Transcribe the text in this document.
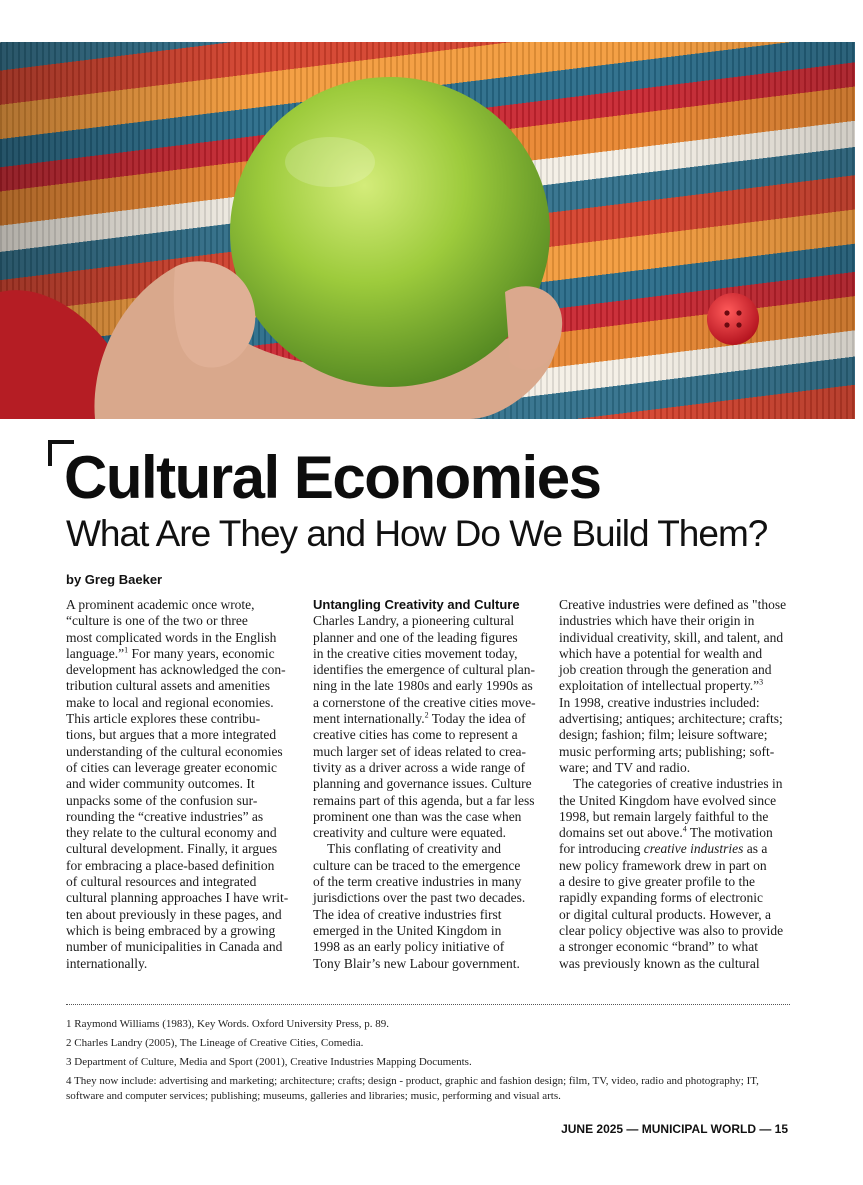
Cultural Economies
What Are They and How Do We Build Them?
by Greg Baeker
A prominent academic once wrote,
“culture is one of the two or three
most complicated words in the English
language.”$^1$ For many years, economic
development has acknowledged the con-
tribution cultural assets and amenities
make to local and regional economies.
This article explores these contribu-
tions, but argues that a more integrated
understanding of the cultural economies
of cities can leverage greater economic
and wider community outcomes. It
unpacks some of the confusion sur-
rounding the “creative industries” as
they relate to the cultural economy and
cultural development. Finally, it argues
for embracing a place-based definition
of cultural resources and integrated
cultural planning approaches I have writ-
ten about previously in these pages, and
which is being embraced by a growing
number of municipalities in Canada and
internationally.
Untangling Creativity and Culture
Charles Landry, a pioneering cultural
planner and one of the leading figures
in the creative cities movement today,
identifies the emergence of cultural plan-
ning in the late 1980s and early 1990s as
a cornerstone of the creative cities move-
ment internationally.$^2$ Today the idea of
creative cities has come to represent a
much larger set of ideas related to crea-
tivity as a driver across a wide range of
planning and governance issues. Culture
remains part of this agenda, but a far less
prominent one than was the case when
creativity and culture were equated.
This conflating of creativity and
culture can be traced to the emergence
of the term creative industries in many
jurisdictions over the past two decades.
The idea of creative industries first
emerged in the United Kingdom in
1998 as an early policy initiative of
Tony Blair’s new Labour government.
Creative industries were defined as "those
industries which have their origin in
individual creativity, skill, and talent, and
which have a potential for wealth and
job creation through the generation and
exploitation of intellectual property.”$^3$
In 1998, creative industries included:
advertising; antiques; architecture; crafts;
design; fashion; film; leisure software;
music performing arts; publishing; soft-
ware; and TV and radio.
The categories of creative industries in
the United Kingdom have evolved since
1998, but remain largely faithful to the
domains set out above.$^4$ The motivation
for introducing creative industries as a
new policy framework drew in part on
a desire to give greater profile to the
rapidly expanding forms of electronic
or digital cultural products. However, a
clear policy objective was also to provide
a stronger economic “brand” to what
was previously known as the cultural
1 Raymond Williams (1983), Key Words. Oxford University Press, p. 89.
2 Charles Landry (2005), The Lineage of Creative Cities, Comedia.
3 Department of Culture, Media and Sport (2001), Creative Industries Mapping Documents.
4 They now include: advertising and marketing; architecture; crafts; design - product, graphic and fashion design; film, TV, video, radio and photography; IT, software and computer services; publishing; museums, galleries and libraries; music, performing and visual arts.
JUNE 2025 — MUNICIPAL WORLD — 15
